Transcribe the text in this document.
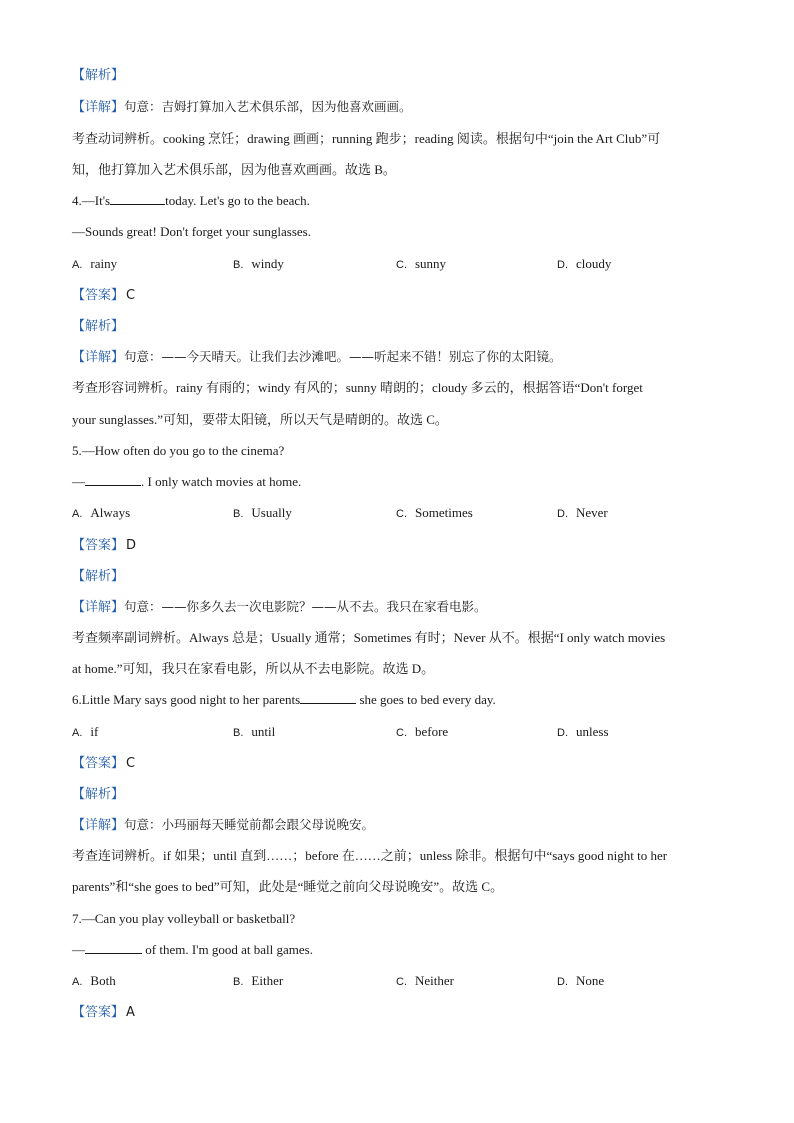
【解析】
【详解】句意：吉姆打算加入艺术俱乐部，因为他喜欢画画。
考查动词辨析。cooking 烹饪；drawing 画画；running 跑步；reading 阅读。根据句中“join the Art Club”可
知，他打算加入艺术俱乐部，因为他喜欢画画。故选 B。
4.—It's	today. Let's go to the beach.
—Sounds great! Don't forget your sunglasses.
A. rainy	B. windy	C. sunny	D. cloudy
【答案】 C
【解析】
【详解】句意：——今天晴天。让我们去沙滩吧。——听起来不错！别忘了你的太阳镜。
考查形容词辨析。rainy 有雨的；windy 有风的；sunny 晴朗的；cloudy 多云的，根据答语“Don't forget
your sunglasses.”可知，要带太阳镜，所以天气是晴朗的。故选 C。
5.—How often do you go to the cinema?
—	. I only watch movies at home.
A. Always	B. Usually	C. Sometimes	D. Never
【答案】 D
【解析】
【详解】句意：——你多久去一次电影院？——从不去。我只在家看电影。
考查频率副词辨析。Always 总是；Usually 通常；Sometimes 有时；Never 从不。根据“I only watch movies
at home.”可知，我只在家看电影，所以从不去电影院。故选 D。
6.Little Mary says good night to her parents	she goes to bed every day.
A. if	B. until	C. before	D. unless
【答案】 C
【解析】
【详解】句意：小玛丽每天睡觉前都会跟父母说晚安。
考查连词辨析。if 如果；until 直到……；before 在……之前；unless 除非。根据句中“says good night to her
parents”和“she goes to bed”可知，此处是“睡觉之前向父母说晚安”。故选 C。
7.—Can you play volleyball or basketball?
—	of them. I'm good at ball games.
A. Both	B. Either	C. Neither	D. None
【答案】 A
